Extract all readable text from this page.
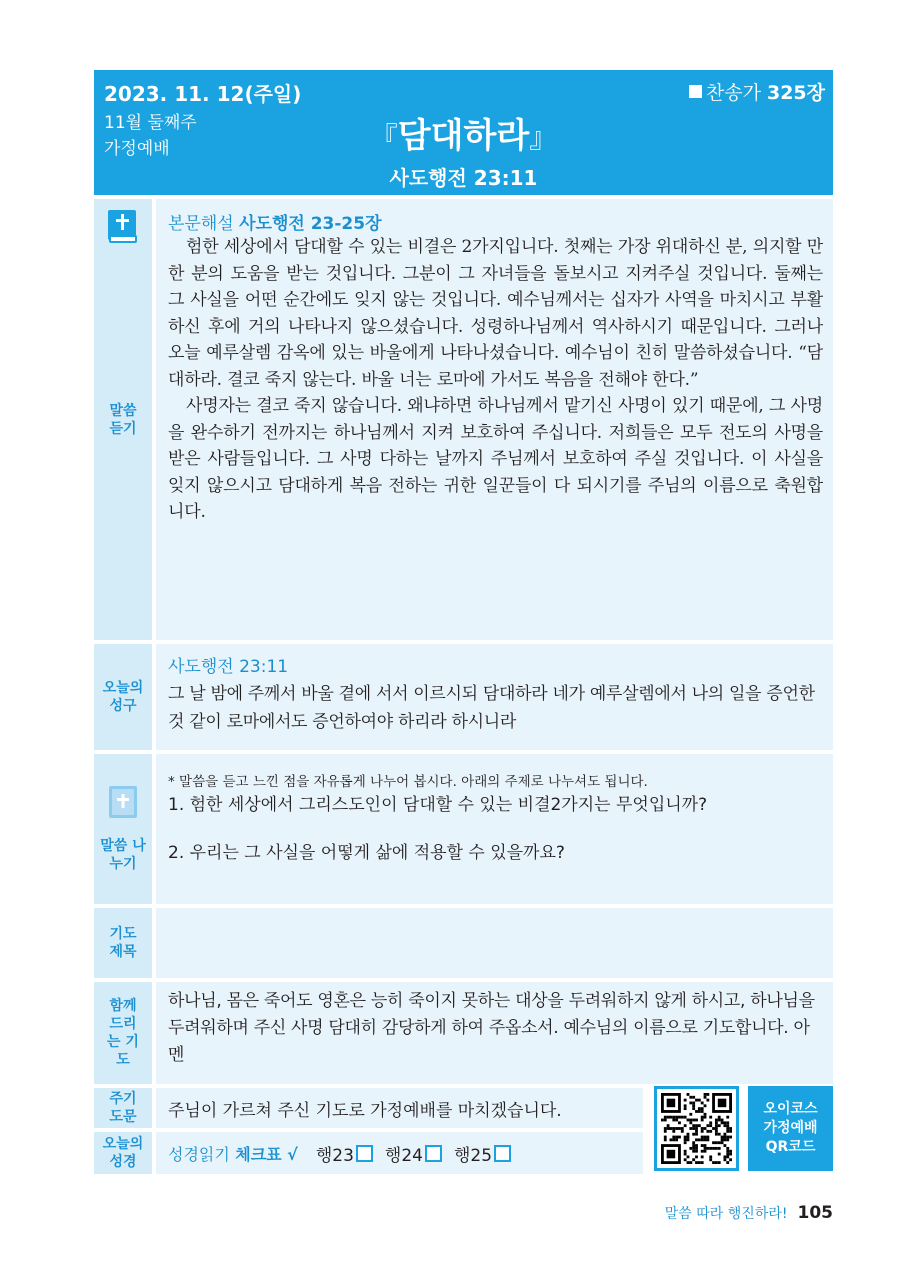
2023. 11. 12(주일)
11월 둘째주
가정예배
찬송가 325장
『담대하라』
사도행전 23:11
말씀 듣기
본문해설 사도행전 23-25장

험한 세상에서 담대할 수 있는 비결은 2가지입니다. 첫째는 가장 위대하신 분, 의지할 만한 분의 도움을 받는 것입니다. 그분이 그 자녀들을 돌보시고 지켜주실 것입니다. 둘째는 그 사실을 어떤 순간에도 잊지 않는 것입니다. 예수님께서는 십자가 사역을 마치시고 부활하신 후에 거의 나타나지 않으셨습니다. 성령하나님께서 역사하시기 때문입니다. 그러나 오늘 예루살렘 감옥에 있는 바울에게 나타나셨습니다. 예수님이 친히 말씀하셨습니다. “담대하라. 결코 죽지 않는다. 바울 너는 로마에 가서도 복음을 전해야 한다.”

사명자는 결코 죽지 않습니다. 왜냐하면 하나님께서 맡기신 사명이 있기 때문에, 그 사명을 완수하기 전까지는 하나님께서 지켜 보호하여 주십니다. 저희들은 모두 전도의 사명을 받은 사람들입니다. 그 사명 다하는 날까지 주님께서 보호하여 주실 것입니다. 이 사실을 잊지 않으시고 담대하게 복음 전하는 귀한 일꾼들이 다 되시기를 주님의 이름으로 축원합니다.

오늘의 성구
사도행전 23:11
그 날 밤에 주께서 바울 곁에 서서 이르시되 담대하라 네가 예루살렘에서 나의 일을 증언한 것 같이 로마에서도 증언하여야 하리라 하시니라
말씀 나누기
* 말씀을 듣고 느낀 점을 자유롭게 나누어 봅시다. 아래의 주제로 나누셔도 됩니다.
1. 험한 세상에서 그리스도인이 담대할 수 있는 비결2가지는 무엇입니까?
2. 우리는 그 사실을 어떻게 삶에 적용할 수 있을까요?
기도 제목
함께 드리는 기도
하나님, 몸은 죽어도 영혼은 능히 죽이지 못하는 대상을 두려워하지 않게 하시고, 하나님을 두려워하며 주신 사명 담대히 감당하게 하여 주옵소서. 예수님의 이름으로 기도합니다. 아멘
주기 도문 주님이 가르쳐 주신 기도로 가정예배를 마치겠습니다.
오늘의 성경	성경읽기
체크표 √ 행23 행24 행25
오이코스
가정예배
QR코드
말씀 따라 행진하라! 105
